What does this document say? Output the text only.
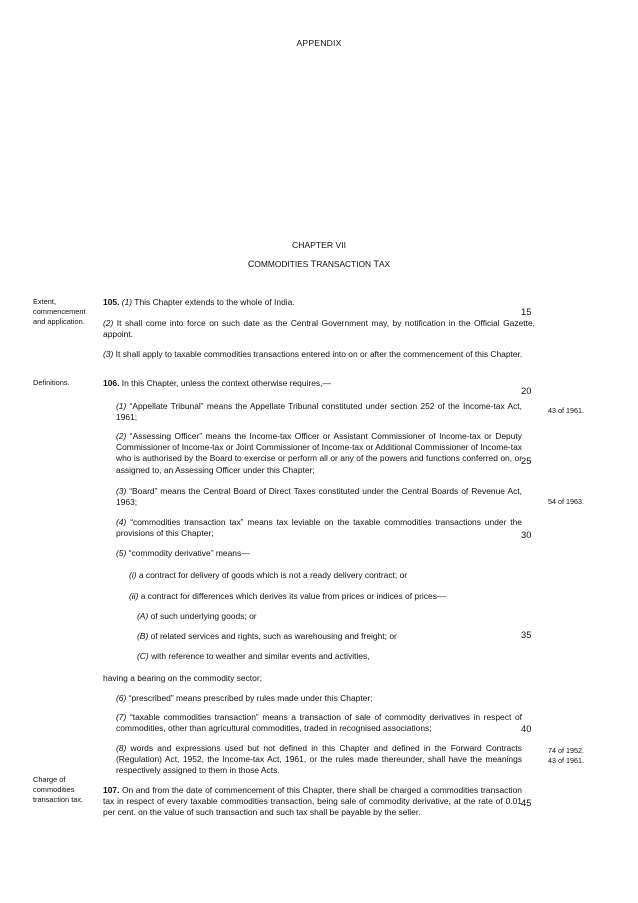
APPENDIX
CHAPTER VII
COMMODITIES TRANSACTION TAX
Extent, commencement and application.
Definitions.
Charge of commodities transaction tax.
15
20
25
30
35
40
45
43 of 1961.
54 of 1963.
74 of 1952.
43 of 1961.
105. (1) This Chapter extends to the whole of India.
(2) It shall come into force on such date as the Central Government may, by notification in the Official Gazette, appoint.
(3) It shall apply to taxable commodities transactions entered into on or after the commencement of this Chapter.
106. In this Chapter, unless the context otherwise requires,—
(1) “Appellate Tribunal” means the Appellate Tribunal constituted under section 252 of the Income-tax Act, 1961;
(2) “Assessing Officer” means the Income-tax Officer or Assistant Commissioner of Income-tax or Deputy Commissioner of Income-tax or Joint Commissioner of Income-tax or Additional Commissioner of Income-tax who is authorised by the Board to exercise or perform all or any of the powers and functions conferred on, or assigned to, an Assessing Officer under this Chapter;
(3) “Board” means the Central Board of Direct Taxes constituted under the Central Boards of Revenue Act, 1963;
(4) “commodities transaction tax” means tax leviable on the taxable commodities transactions under the provisions of this Chapter;
(5) “commodity derivative” means—
(i) a contract for delivery of goods which is not a ready delivery contract; or
(ii) a contract for differences which derives its value from prices or indices of prices––
(A) of such underlying goods; or
(B) of related services and rights, such as warehousing and freight; or
(C) with reference to weather and similar events and activities,
having a bearing on the commodity sector;
(6) “prescribed” means prescribed by rules made under this Chapter;
(7) “taxable commodities transaction” means a transaction of sale of commodity derivatives in respect of commodities, other than agricultural commodities, traded in recognised associations;
(8) words and expressions used but not defined in this Chapter and defined in the Forward Contracts (Regulation) Act, 1952, the Income-tax Act, 1961, or the rules made thereunder, shall have the meanings respectively assigned to them in those Acts.
107. On and from the date of commencement of this Chapter, there shall be charged a commodities transaction tax in respect of every taxable commodities transaction, being sale of commodity derivative, at the rate of 0.01 per cent. on the value of such transaction and such tax shall be payable by the seller.
